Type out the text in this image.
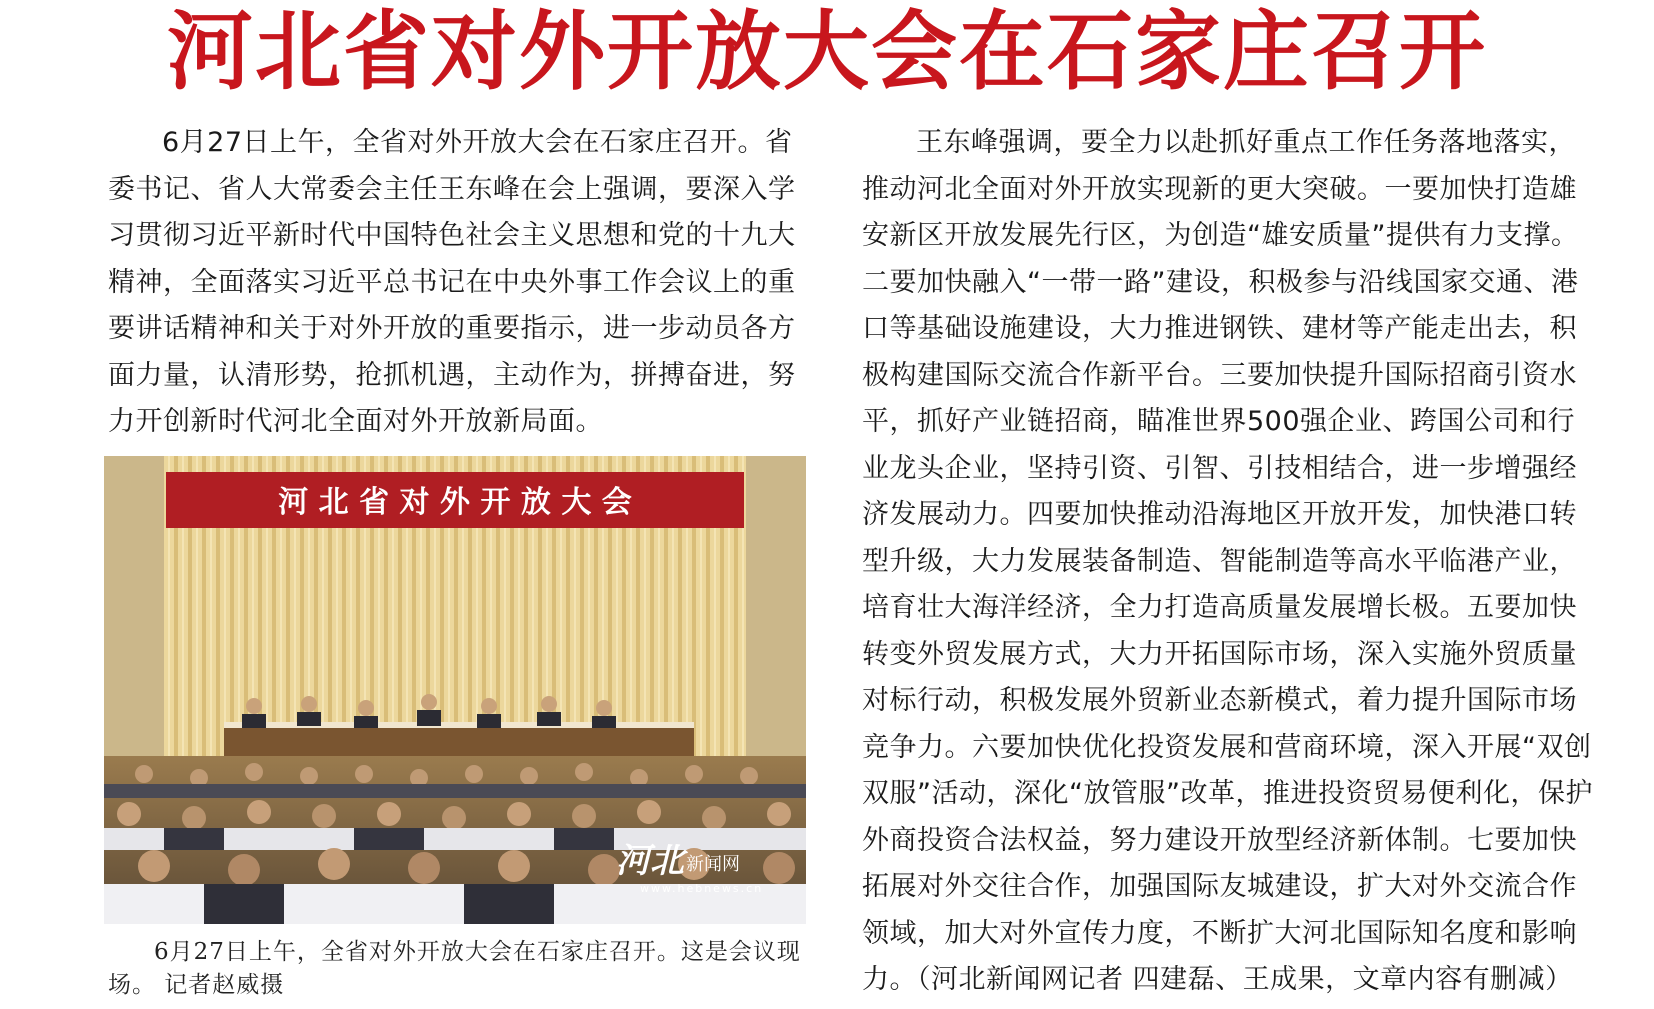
河北省对外开放大会在石家庄召开

6月27日上午，全省对外开放大会在石家庄召开。省委书记、省人大常委会主任王东峰在会上强调，要深入学习贯彻习近平新时代中国特色社会主义思想和党的十九大精神，全面落实习近平总书记在中央外事工作会议上的重要讲话精神和关于对外开放的重要指示，进一步动员各方面力量，认清形势，抢抓机遇，主动作为，拼搏奋进，努力开创新时代河北全面对外开放新局面。

河 北 省 对 外 开 放 大 会
河北 新闻网
www.hebnews.cn
6月27日上午，全省对外开放大会在石家庄召开。这是会议现场。 记者赵威摄

王东峰强调，要全力以赴抓好重点工作任务落地落实，推动河北全面对外开放实现新的更大突破。一要加快打造雄安新区开放发展先行区，为创造“雄安质量”提供有力支撑。二要加快融入“一带一路”建设，积极参与沿线国家交通、港口等基础设施建设，大力推进钢铁、建材等产能走出去，积极构建国际交流合作新平台。三要加快提升国际招商引资水平，抓好产业链招商，瞄准世界500强企业、跨国公司和行业龙头企业，坚持引资、引智、引技相结合，进一步增强经济发展动力。四要加快推动沿海地区开放开发，加快港口转型升级，大力发展装备制造、智能制造等高水平临港产业，培育壮大海洋经济，全力打造高质量发展增长极。五要加快转变外贸发展方式，大力开拓国际市场，深入实施外贸质量对标行动，积极发展外贸新业态新模式，着力提升国际市场竞争力。六要加快优化投资发展和营商环境，深入开展“双创双服”活动，深化“放管服”改革，推进投资贸易便利化，保护外商投资合法权益，努力建设开放型经济新体制。七要加快拓展对外交往合作，加强国际友城建设，扩大对外交流合作领域，加大对外宣传力度，不断扩大河北国际知名度和影响力。（河北新闻网记者 四建磊、王成果，文章内容有删减）
